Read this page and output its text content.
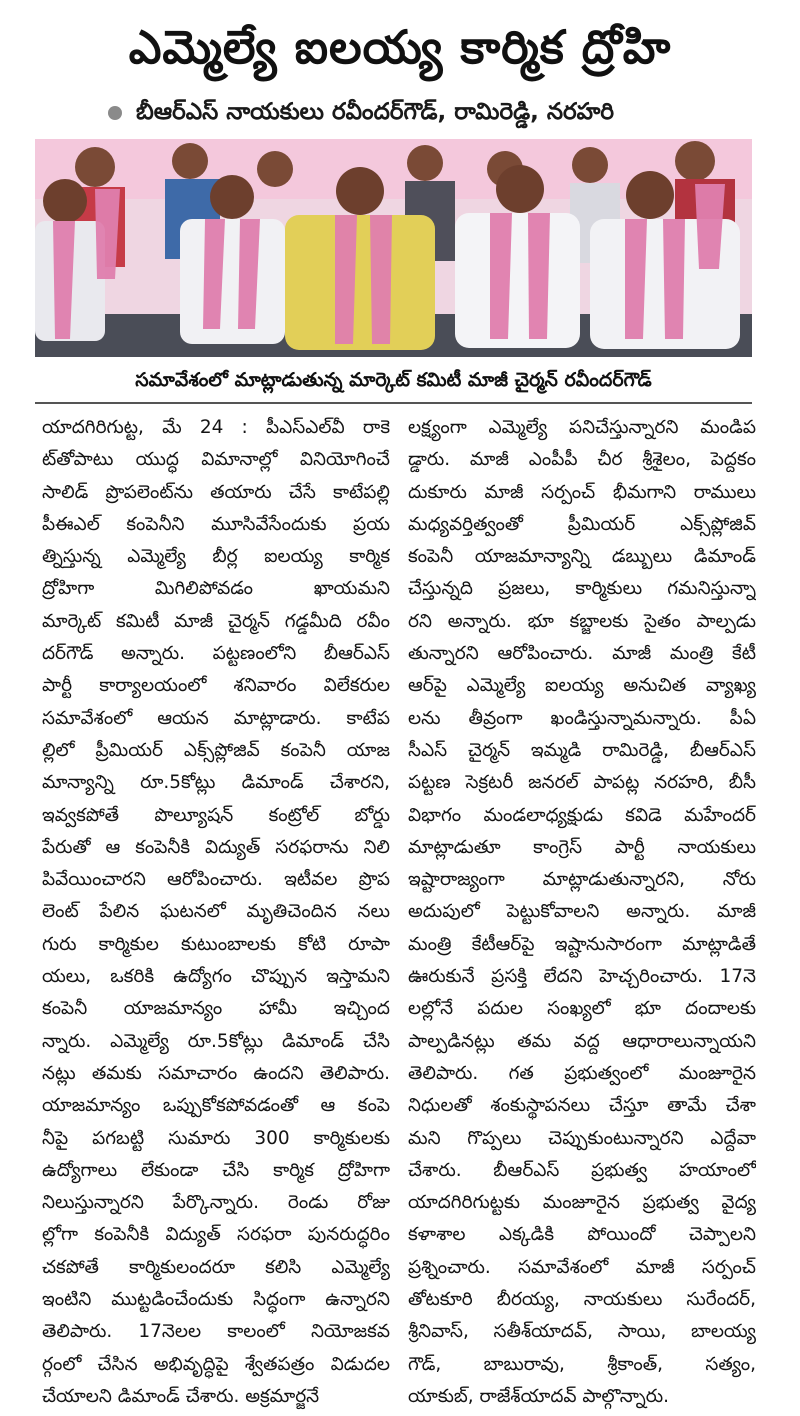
ఎమ్మెల్యే ఐలయ్య కార్మిక ద్రోహి
బీఆర్ఎస్ నాయకులు రవీందర్‌గౌడ్, రామిరెడ్డి, నరహరి
సమావేశంలో మాట్లాడుతున్న మార్కెట్ కమిటీ మాజీ చైర్మన్ రవీందర్‌గౌడ్
యాదగిరిగుట్ట, మే 24 : పీఎస్ఎల్‌వీ రాకె
ట్‌తోపాటు యుద్ధ విమానాల్లో వినియోగించే
సాలిడ్ ప్రొపలెంట్‌ను తయారు చేసే కాటేపల్లి
పీఈఎల్ కంపెనీని మూసివేసేందుకు ప్రయ
త్నిస్తున్న ఎమ్మెల్యే బీర్ల ఐలయ్య కార్మిక
ద్రోహిగా మిగిలిపోవడం ఖాయమని
మార్కెట్ కమిటీ మాజీ చైర్మన్ గడ్డమీది రవీం
దర్‌గౌడ్ అన్నారు. పట్టణంలోని బీఆర్ఎస్
పార్టీ కార్యాలయంలో శనివారం విలేకరుల
సమావేశంలో ఆయన మాట్లాడారు. కాటేప
ల్లిలో ప్రీమియర్ ఎక్స్‌ప్లోజివ్ కంపెనీ యాజ
మాన్యాన్ని రూ.5కోట్లు డిమాండ్ చేశారని,
ఇవ్వకపోతే పొల్యూషన్ కంట్రోల్ బోర్డు
పేరుతో ఆ కంపెనీకి విద్యుత్ సరఫరాను నిలి
పివేయించారని ఆరోపించారు. ఇటీవల ప్రొప
లెంట్ పేలిన ఘటనలో మృతిచెందిన నలు
గురు కార్మికుల కుటుంబాలకు కోటి రూపా
యలు, ఒకరికి ఉద్యోగం చొప్పున ఇస్తామని
కంపెనీ యాజమాన్యం హామీ ఇచ్చింద
న్నారు. ఎమ్మెల్యే రూ.5కోట్లు డిమాండ్ చేసి
నట్లు తమకు సమాచారం ఉందని తెలిపారు.
యాజమాన్యం ఒప్పుకోకపోవడంతో ఆ కంపె
నీపై పగబట్టి సుమారు 300 కార్మికులకు
ఉద్యోగాలు లేకుండా చేసి కార్మిక ద్రోహిగా
నిలుస్తున్నారని పేర్కొన్నారు. రెండు రోజు
ల్లోగా కంపెనీకి విద్యుత్ సరఫరా పునరుద్ధరిం
చకపోతే కార్మికులందరూ కలిసి ఎమ్మెల్యే
ఇంటిని ముట్టడించేందుకు సిద్ధంగా ఉన్నారని
తెలిపారు. 17నెలల కాలంలో నియోజకవ
ర్గంలో చేసిన అభివృద్ధిపై శ్వేతపత్రం విడుదల
చేయాలని డిమాండ్ చేశారు. అక్రమార్జనే
లక్ష్యంగా ఎమ్మెల్యే పనిచేస్తున్నారని మండిప
డ్డారు. మాజీ ఎంపీపీ చీర శ్రీశైలం, పెద్దకం
దుకూరు మాజీ సర్పంచ్ భీమగాని రాములు
మధ్యవర్తిత్వంతో ప్రీమియర్ ఎక్స్‌ప్లోజివ్
కంపెనీ యాజమాన్యాన్ని డబ్బులు డిమాండ్
చేస్తున్నది ప్రజలు, కార్మికులు గమనిస్తున్నా
రని అన్నారు. భూ కబ్జాలకు సైతం పాల్పడు
తున్నారని ఆరోపించారు. మాజీ మంత్రి కేటీ
ఆర్‌పై ఎమ్మెల్యే ఐలయ్య అనుచిత వ్యాఖ్య
లను తీవ్రంగా ఖండిస్తున్నామన్నారు. పీఏ
సీఎస్ చైర్మన్ ఇమ్మడి రామిరెడ్డి, బీఆర్ఎస్
పట్టణ సెక్రటరీ జనరల్ పాపట్ల నరహరి, బీసీ
విభాగం మండలాధ్యక్షుడు కవిడె మహేందర్
మాట్లాడుతూ కాంగ్రెస్ పార్టీ నాయకులు
ఇష్టారాజ్యంగా మాట్లాడుతున్నారని, నోరు
అదుపులో పెట్టుకోవాలని అన్నారు. మాజీ
మంత్రి కేటీఆర్‌పై ఇష్టానుసారంగా మాట్లాడితే
ఊరుకునే ప్రసక్తి లేదని హెచ్చరించారు. 17నె
లల్లోనే పదుల సంఖ్యలో భూ దందాలకు
పాల్పడినట్లు తమ వద్ద ఆధారాలున్నాయని
తెలిపారు. గత ప్రభుత్వంలో మంజూరైన
నిధులతో శంకుస్థాపనలు చేస్తూ తామే చేశా
మని గొప్పలు చెప్పుకుంటున్నారని ఎద్దేవా
చేశారు. బీఆర్ఎస్ ప్రభుత్వ హయాంలో
యాదగిరిగుట్టకు మంజూరైన ప్రభుత్వ వైద్య
కళాశాల ఎక్కడికి పోయిందో చెప్పాలని
ప్రశ్నించారు. సమావేశంలో మాజీ సర్పంచ్
తోటకూరి బీరయ్య, నాయకులు సురేందర్,
శ్రీనివాస్, సతీశ్‌యాదవ్, సాయి, బాలయ్య
గౌడ్, బాబురావు, శ్రీకాంత్, సత్యం,
యాకుబ్, రాజేశ్‌యాదవ్ పాల్గొన్నారు.
